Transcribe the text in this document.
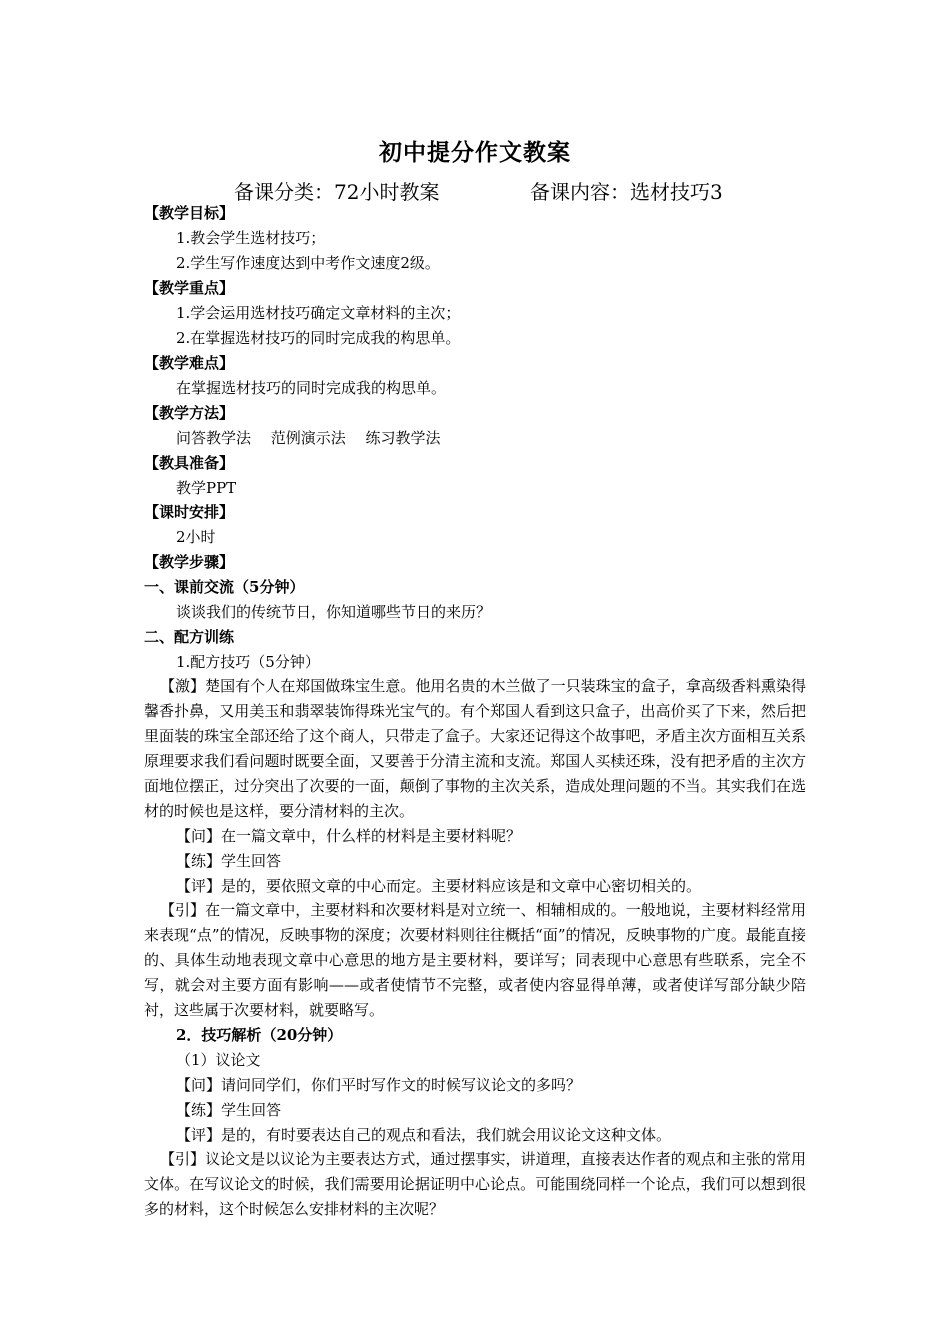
初中提分作文教案
备课分类：72小时教案	备课内容：选材技巧3
【教学目标】
1.教会学生选材技巧；
2.学生写作速度达到中考作文速度2级。
【教学重点】
1.学会运用选材技巧确定文章材料的主次；
2.在掌握选材技巧的同时完成我的构思单。
【教学难点】
在掌握选材技巧的同时完成我的构思单。
【教学方法】
问答教学法　 范例演示法　 练习教学法
【教具准备】
教学PPT
【课时安排】
2小时
【教学步骤】
一、课前交流（5分钟）
谈谈我们的传统节日，你知道哪些节日的来历？
二、配方训练
1.配方技巧（5分钟）
【激】楚国有个人在郑国做珠宝生意。他用名贵的木兰做了一只装珠宝的盒子，拿高级香料熏染得馨香扑鼻，又用美玉和翡翠装饰得珠光宝气的。有个郑国人看到这只盒子，出高价买了下来，然后把里面装的珠宝全部还给了这个商人，只带走了盒子。大家还记得这个故事吧，矛盾主次方面相互关系原理要求我们看问题时既要全面，又要善于分清主流和支流。郑国人买椟还珠，没有把矛盾的主次方面地位摆正，过分突出了次要的一面，颠倒了事物的主次关系，造成处理问题的不当。其实我们在选材的时候也是这样，要分清材料的主次。
【问】在一篇文章中，什么样的材料是主要材料呢？
【练】学生回答
【评】是的，要依照文章的中心而定。主要材料应该是和文章中心密切相关的。
【引】在一篇文章中，主要材料和次要材料是对立统一、相辅相成的。一般地说，主要材料经常用来表现“点”的情况，反映事物的深度；次要材料则往往概括“面”的情况，反映事物的广度。最能直接的、具体生动地表现文章中心意思的地方是主要材料，要详写；同表现中心意思有些联系，完全不写，就会对主要方面有影响——或者使情节不完整，或者使内容显得单薄，或者使详写部分缺少陪衬，这些属于次要材料，就要略写。
2．技巧解析（20分钟）
（1）议论文
【问】请问同学们，你们平时写作文的时候写议论文的多吗？
【练】学生回答
【评】是的，有时要表达自己的观点和看法，我们就会用议论文这种文体。
【引】议论文是以议论为主要表达方式，通过摆事实，讲道理，直接表达作者的观点和主张的常用文体。在写议论文的时候，我们需要用论据证明中心论点。可能围绕同样一个论点，我们可以想到很多的材料，这个时候怎么安排材料的主次呢？
